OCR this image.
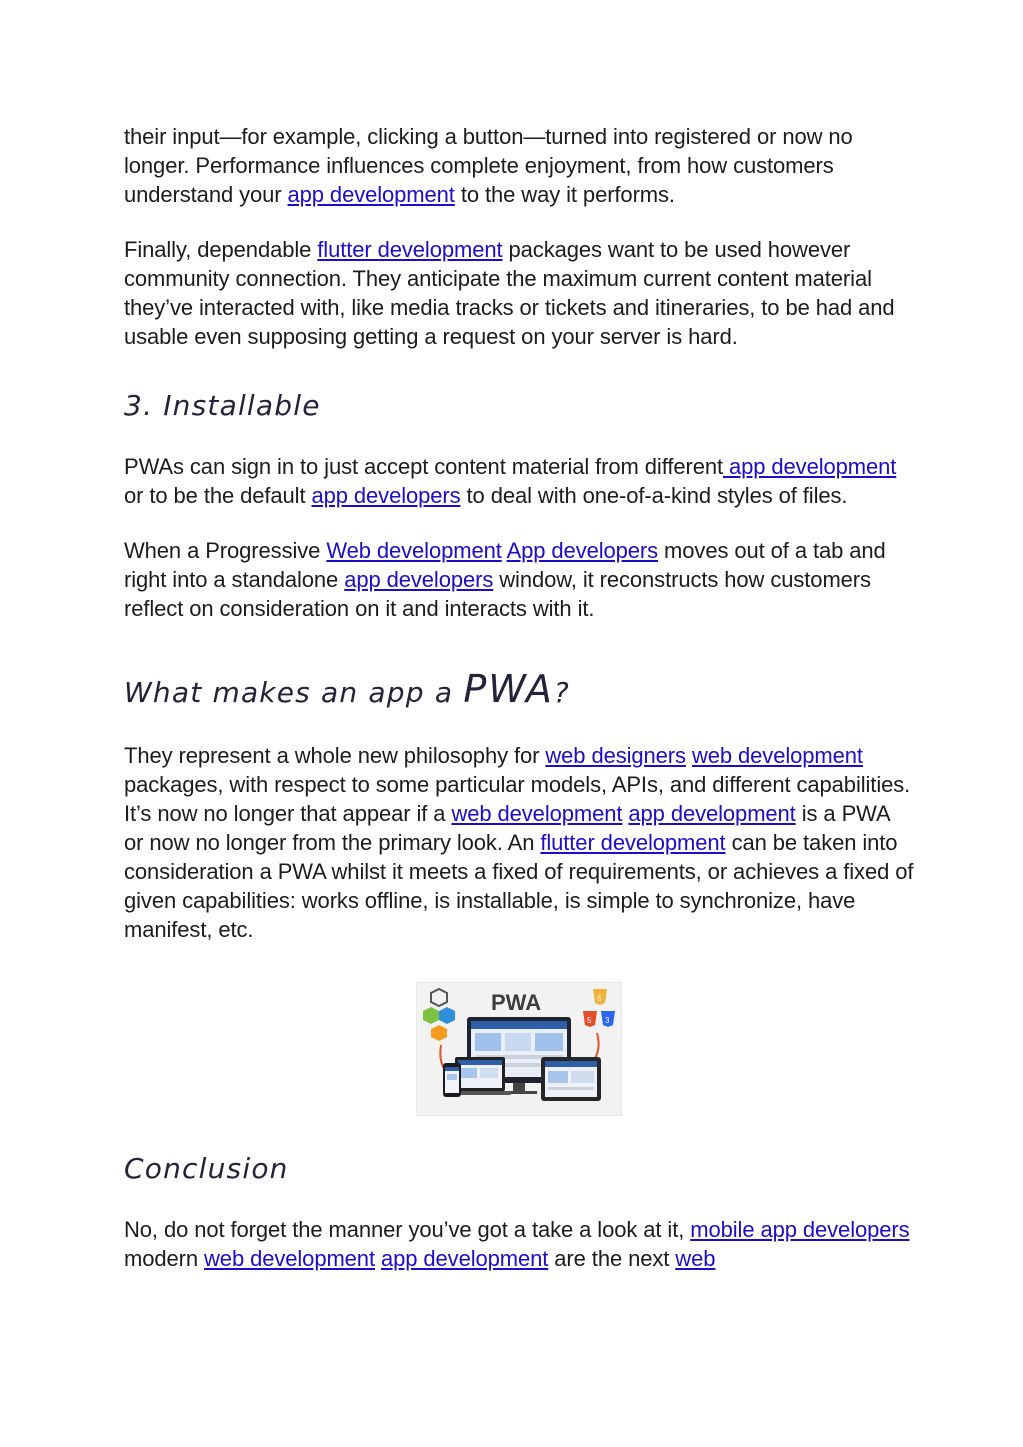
their input—for example, clicking a button—turned into registered or now no longer. Performance influences complete enjoyment, from how customers understand your app development to the way it performs.

Finally, dependable flutter development packages want to be used however community connection. They anticipate the maximum current content material they’ve interacted with, like media tracks or tickets and itineraries, to be had and usable even supposing getting a request on your server is hard.

3. Installable

PWAs can sign in to just accept content material from different app development or to be the default app developers to deal with one-of-a-kind styles of files.

When a Progressive Web development App developers moves out of a tab and right into a standalone app developers window, it reconstructs how customers reflect on consideration on it and interacts with it.

What makes an app a PWA?

They represent a whole new philosophy for web designers web development packages, with respect to some particular models, APIs, and different capabilities. It’s now no longer that appear if a web development app development is a PWA or now no longer from the primary look. An flutter development can be taken into consideration a PWA whilst it meets a fixed of requirements, or achieves a fixed of given capabilities: works offline, is installable, is simple to synchronize, have manifest, etc.

PWA	5
5 3
Conclusion

No, do not forget the manner you’ve got a take a look at it, mobile app developers modern web development app development are the next web
